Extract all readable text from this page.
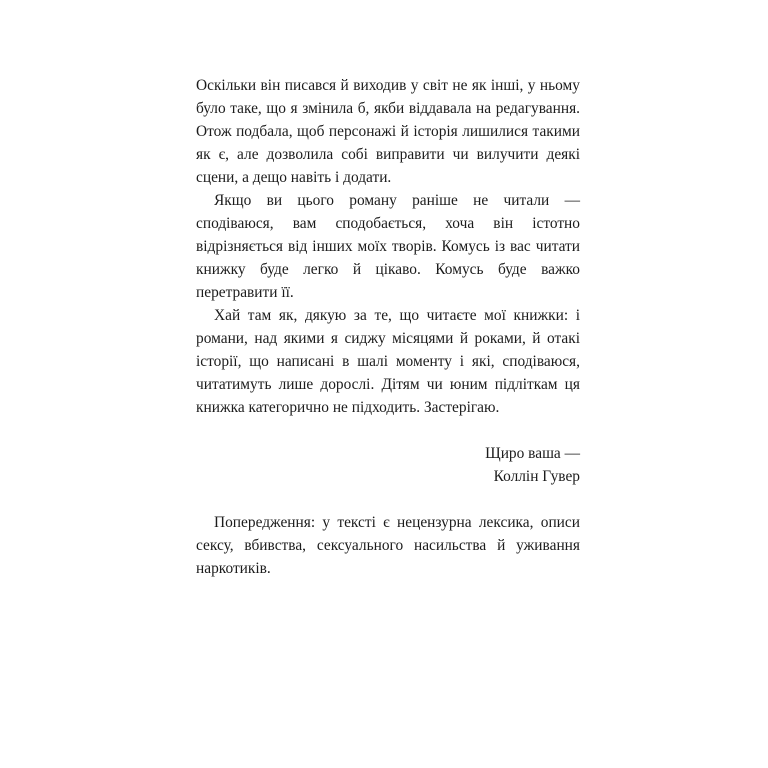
Оскільки він писався й виходив у світ не як інші, у ньому було таке, що я змінила б, якби віддавала на редагування. Отож подбала, щоб персонажі й історія лишилися такими як є, але дозволила собі виправити чи вилучити деякі сцени, а дещо навіть і додати.

Якщо ви цього роману раніше не читали — сподіваюся, вам сподобається, хоча він істотно відрізняється від інших моїх творів. Комусь із вас читати книжку буде легко й цікаво. Комусь буде важко перетравити її.

Хай там як, дякую за те, що читаєте мої книжки: і романи, над якими я сиджу місяцями й роками, й отакі історії, що написані в шалі моменту і які, сподіваюся, читатимуть лише дорослі. Дітям чи юним підліткам ця книжка категорично не підходить. Застерігаю.

Щиро ваша —
Коллін Гувер

Попередження: у тексті є нецензурна лексика, описи сексу, вбивства, сексуального насильства й уживання наркотиків.
